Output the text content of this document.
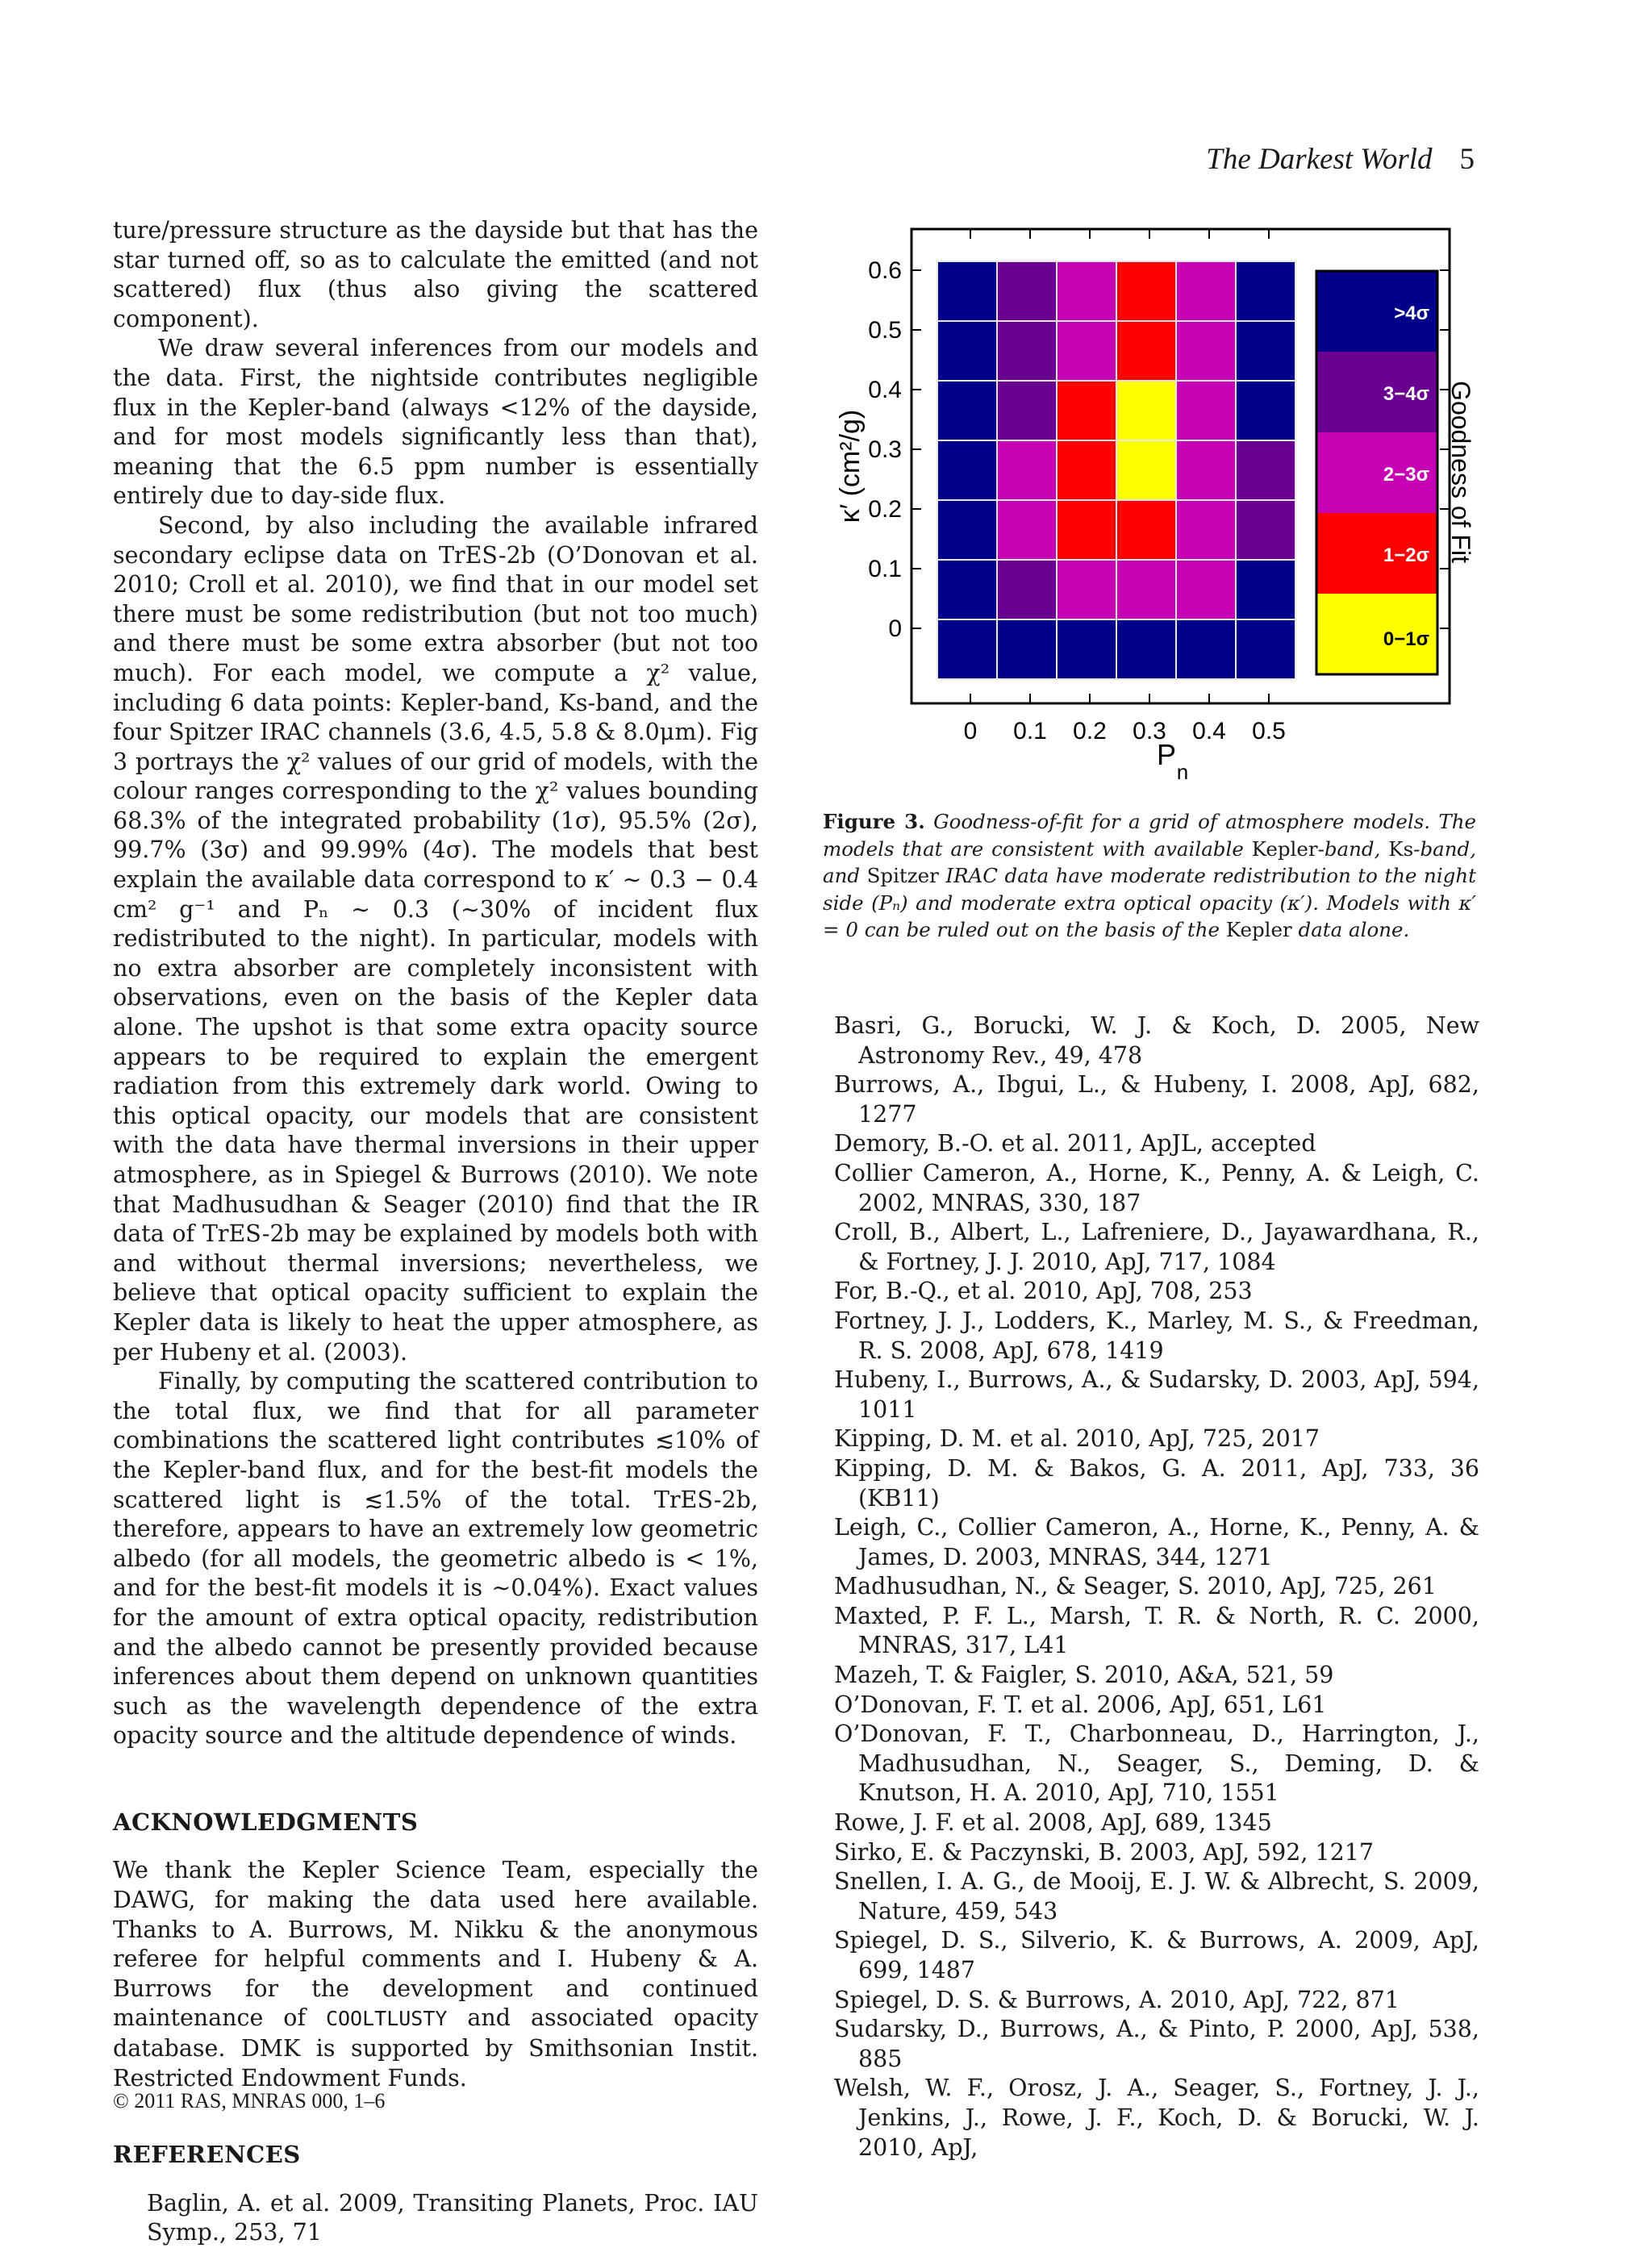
The Darkest World 5

ture/pressure structure as the dayside but that has the star turned off, so as to calculate the emitted (and not scattered) flux (thus also giving the scattered component).

We draw several inferences from our models and the data. First, the nightside contributes negligible flux in the Kepler-band (always <12% of the dayside, and for most models significantly less than that), meaning that the 6.5 ppm number is essentially entirely due to day-side flux.

Second, by also including the available infrared secondary eclipse data on TrES-2b (O’Donovan et al. 2010; Croll et al. 2010), we find that in our model set there must be some redistribution (but not too much) and there must be some extra absorber (but not too much). For each model, we compute a χ² value, including 6 data points: Kepler-band, Ks-band, and the four Spitzer IRAC channels (3.6, 4.5, 5.8 & 8.0μm). Fig 3 portrays the χ² values of our grid of models, with the colour ranges corresponding to the χ² values bounding 68.3% of the integrated probability (1σ), 95.5% (2σ), 99.7% (3σ) and 99.99% (4σ). The models that best explain the available data correspond to κ′ ∼ 0.3 − 0.4 cm² g⁻¹ and Pₙ ∼ 0.3 (∼30% of incident flux redistributed to the night). In particular, models with no extra absorber are completely inconsistent with observations, even on the basis of the Kepler data alone. The upshot is that some extra opacity source appears to be required to explain the emergent radiation from this extremely dark world. Owing to this optical opacity, our models that are consistent with the data have thermal inversions in their upper atmosphere, as in Spiegel & Burrows (2010). We note that Madhusudhan & Seager (2010) find that the IR data of TrES-2b may be explained by models both with and without thermal inversions; nevertheless, we believe that optical opacity sufficient to explain the Kepler data is likely to heat the upper atmosphere, as per Hubeny et al. (2003).

Finally, by computing the scattered contribution to the total flux, we find that for all parameter combinations the scattered light contributes ≲10% of the Kepler-band flux, and for the best-fit models the scattered light is ≲1.5% of the total. TrES-2b, therefore, appears to have an extremely low geometric albedo (for all models, the geometric albedo is < 1%, and for the best-fit models it is ∼0.04%). Exact values for the amount of extra optical opacity, redistribution and the albedo cannot be presently provided because inferences about them depend on unknown quantities such as the wavelength dependence of the extra opacity source and the altitude dependence of winds.

ACKNOWLEDGMENTS

We thank the Kepler Science Team, especially the DAWG, for making the data used here available. Thanks to A. Burrows, M. Nikku & the anonymous referee for helpful comments and I. Hubeny & A. Burrows for the development and continued maintenance of COOLTLUSTY and associated opacity database. DMK is supported by Smithsonian Instit. Restricted Endowment Funds.

REFERENCES

Baglin, A. et al. 2009, Transiting Planets, Proc. IAU Symp., 253, 71

0
0.1
0.2
0.3
0.4
0.5
0.6
0 0.1 0.2 0.3 0.4 0.5
P
n
κ′ (cm²/g)
>4σ
3−4σ
2−3σ
1−2σ
0−1σ
Goodness of Fit
Figure 3. Goodness-of-fit for a grid of atmosphere models. The models that are consistent with available Kepler-band, Ks-band, and Spitzer IRAC data have moderate redistribution to the night side (Pₙ) and moderate extra optical opacity (κ′). Models with κ′ = 0 can be ruled out on the basis of the Kepler data alone.

Basri, G., Borucki, W. J. & Koch, D. 2005, New Astronomy Rev., 49, 478

Burrows, A., Ibgui, L., & Hubeny, I. 2008, ApJ, 682, 1277

Demory, B.-O. et al. 2011, ApJL, accepted

Collier Cameron, A., Horne, K., Penny, A. & Leigh, C. 2002, MNRAS, 330, 187

Croll, B., Albert, L., Lafreniere, D., Jayawardhana, R., & Fortney, J. J. 2010, ApJ, 717, 1084

For, B.-Q., et al. 2010, ApJ, 708, 253

Fortney, J. J., Lodders, K., Marley, M. S., & Freedman, R. S. 2008, ApJ, 678, 1419

Hubeny, I., Burrows, A., & Sudarsky, D. 2003, ApJ, 594, 1011

Kipping, D. M. et al. 2010, ApJ, 725, 2017

Kipping, D. M. & Bakos, G. A. 2011, ApJ, 733, 36 (KB11)

Leigh, C., Collier Cameron, A., Horne, K., Penny, A. & James, D. 2003, MNRAS, 344, 1271

Madhusudhan, N., & Seager, S. 2010, ApJ, 725, 261

Maxted, P. F. L., Marsh, T. R. & North, R. C. 2000, MNRAS, 317, L41

Mazeh, T. & Faigler, S. 2010, A&A, 521, 59

O’Donovan, F. T. et al. 2006, ApJ, 651, L61

O’Donovan, F. T., Charbonneau, D., Harrington, J., Madhusudhan, N., Seager, S., Deming, D. & Knutson, H. A. 2010, ApJ, 710, 1551

Rowe, J. F. et al. 2008, ApJ, 689, 1345

Sirko, E. & Paczynski, B. 2003, ApJ, 592, 1217

Snellen, I. A. G., de Mooij, E. J. W. & Albrecht, S. 2009, Nature, 459, 543

Spiegel, D. S., Silverio, K. & Burrows, A. 2009, ApJ, 699, 1487

Spiegel, D. S. & Burrows, A. 2010, ApJ, 722, 871

Sudarsky, D., Burrows, A., & Pinto, P. 2000, ApJ, 538, 885

Welsh, W. F., Orosz, J. A., Seager, S., Fortney, J. J., Jenkins, J., Rowe, J. F., Koch, D. & Borucki, W. J. 2010, ApJ,

© 2011 RAS, MNRAS 000, 1–6
